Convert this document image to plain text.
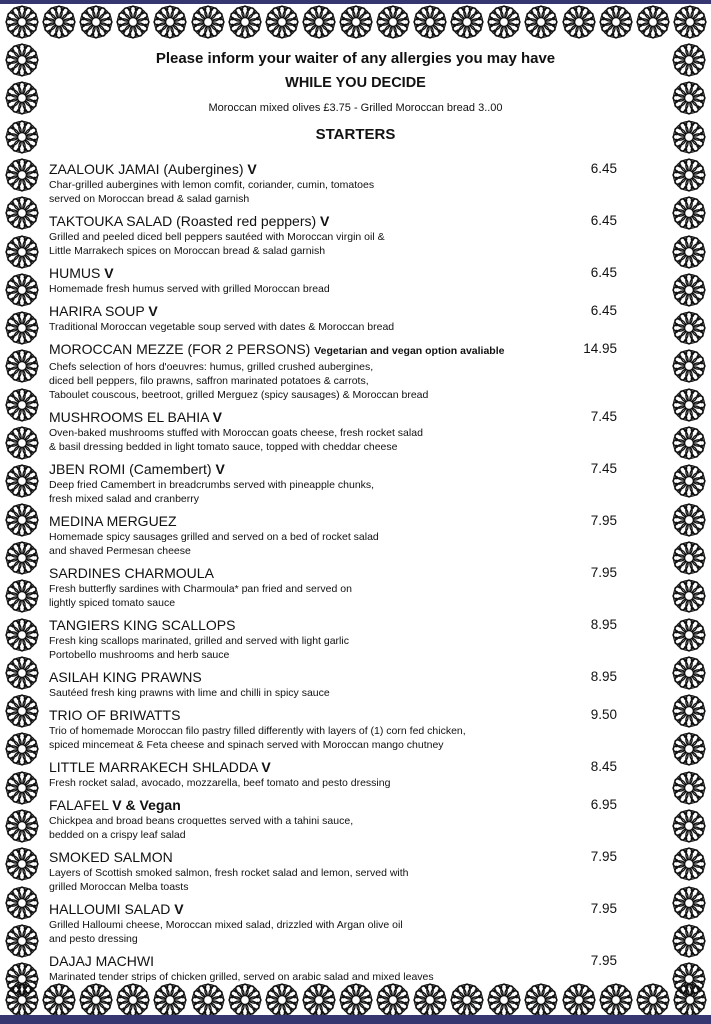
Please inform your waiter of any allergies you may have

WHILE YOU DECIDE

Moroccan mixed olives £3.75 - Grilled Moroccan bread 3..00

STARTERS

ZAALOUK JAMAI (Aubergines) V	6.45
Char-grilled aubergines with lemon comfit, coriander, cumin, tomatoes
served on Moroccan bread & salad garnish
TAKTOUKA SALAD (Roasted red peppers) V	6.45
Grilled and peeled diced bell peppers sautéed with Moroccan virgin oil &
Little Marrakech spices on Moroccan bread & salad garnish
HUMUS V	6.45
Homemade fresh humus served with grilled Moroccan bread
HARIRA SOUP V	6.45
Traditional Moroccan vegetable soup served with dates & Moroccan bread
MOROCCAN MEZZE (FOR 2 PERSONS) Vegetarian and vegan option avaliable	14.95
Chefs selection of hors d'oeuvres: humus, grilled crushed aubergines,
diced bell peppers, filo prawns, saffron marinated potatoes & carrots,
Taboulet couscous, beetroot, grilled Merguez (spicy sausages) & Moroccan bread
MUSHROOMS EL BAHIA V	7.45
Oven-baked mushrooms stuffed with Moroccan goats cheese, fresh rocket salad
& basil dressing bedded in light tomato sauce, topped with cheddar cheese
JBEN ROMI (Camembert) V	7.45
Deep fried Camembert in breadcrumbs served with pineapple chunks,
fresh mixed salad and cranberry
MEDINA MERGUEZ	7.95
Homemade spicy sausages grilled and served on a bed of rocket salad
and shaved Permesan cheese
SARDINES CHARMOULA	7.95
Fresh butterfly sardines with Charmoula* pan fried and served on
lightly spiced tomato sauce
TANGIERS KING SCALLOPS	8.95
Fresh king scallops marinated, grilled and served with light garlic
Portobello mushrooms and herb sauce
ASILAH KING PRAWNS	8.95
Sautéed fresh king prawns with lime and chilli in spicy sauce
TRIO OF BRIWATTS	9.50
Trio of homemade Moroccan filo pastry filled differently with layers of (1) corn fed chicken,
spiced mincemeat & Feta cheese and spinach served with Moroccan mango chutney
LITTLE MARRAKECH SHLADDA V	8.45
Fresh rocket salad, avocado, mozzarella, beef tomato and pesto dressing
FALAFEL V & Vegan	6.95
Chickpea and broad beans croquettes served with a tahini sauce,
bedded on a crispy leaf salad
SMOKED SALMON	7.95
Layers of Scottish smoked salmon, fresh rocket salad and lemon, served with
grilled Moroccan Melba toasts
HALLOUMI SALAD V	7.95
Grilled Halloumi cheese, Moroccan mixed salad, drizzled with Argan olive oil
and pesto dressing
DAJAJ MACHWI	7.95
Marinated tender strips of chicken grilled, served on arabic salad and mixed leaves
